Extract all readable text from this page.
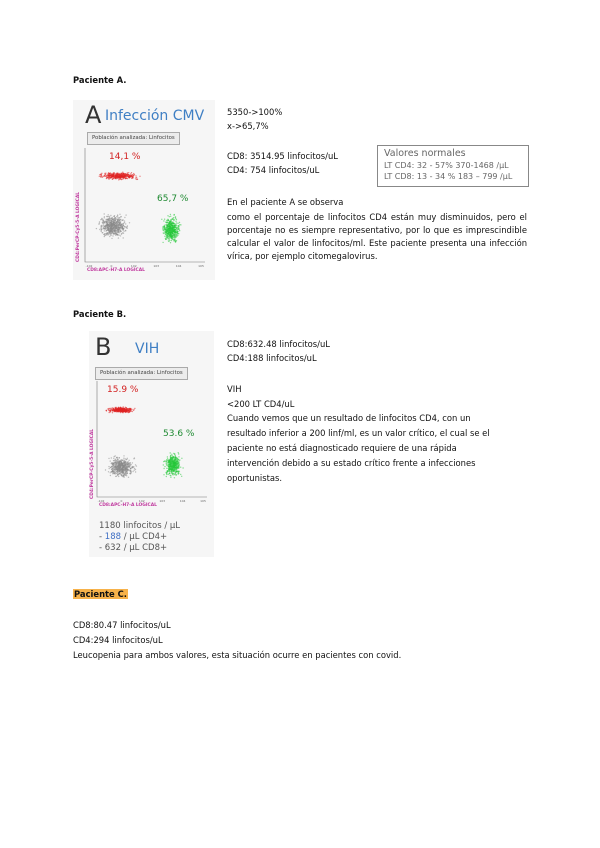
Paciente A.
A Infección CMV
Población analizada: Linfocitos
-102	0	102	103	104	105
14,1 %
65,7 %
CD4:PerCP-Cy5-5-A LOGICAL
CD8:APC-H7-A LOGICAL
5350->100%
x->65,7%
CD8: 3514.95 linfocitos/uL
CD4: 754 linfocitos/uL
Valores normales
LT CD4: 32 - 57% 370-1468 /µL
LT CD8: 13 - 34 % 183 – 799 /µL
En el paciente A se observa
como el porcentaje de linfocitos CD4 están muy disminuidos, pero el porcentaje no es siempre representativo, por lo que es imprescindible calcular el valor de linfocitos/ml. Este paciente presenta una infección vírica, por ejemplo citomegalovirus.
Paciente B.
B VIH
Población analizada: Linfocitos
-102	0	102	103	104	105
15.9 %
53.6 %
CD4:PerCP-Cy5-5-A LOGICAL
CD8:APC-H7-A LOGICAL
1180 linfocitos / µL
- 188 / µL CD4+
- 632 / µL CD8+
CD8:632.48 linfocitos/uL
CD4:188 linfocitos/uL
VIH
<200 LT CD4/uL
Cuando vemos que un resultado de linfocitos CD4, con un
resultado inferior a 200 linf/ml, es un valor crítico, el cual se el
paciente no está diagnosticado requiere de una rápida
intervención debido a su estado crítico frente a infecciones
oportunistas.
Paciente C.
CD8:80.47 linfocitos/uL
CD4:294 linfocitos/uL
Leucopenia para ambos valores, esta situación ocurre en pacientes con covid.
